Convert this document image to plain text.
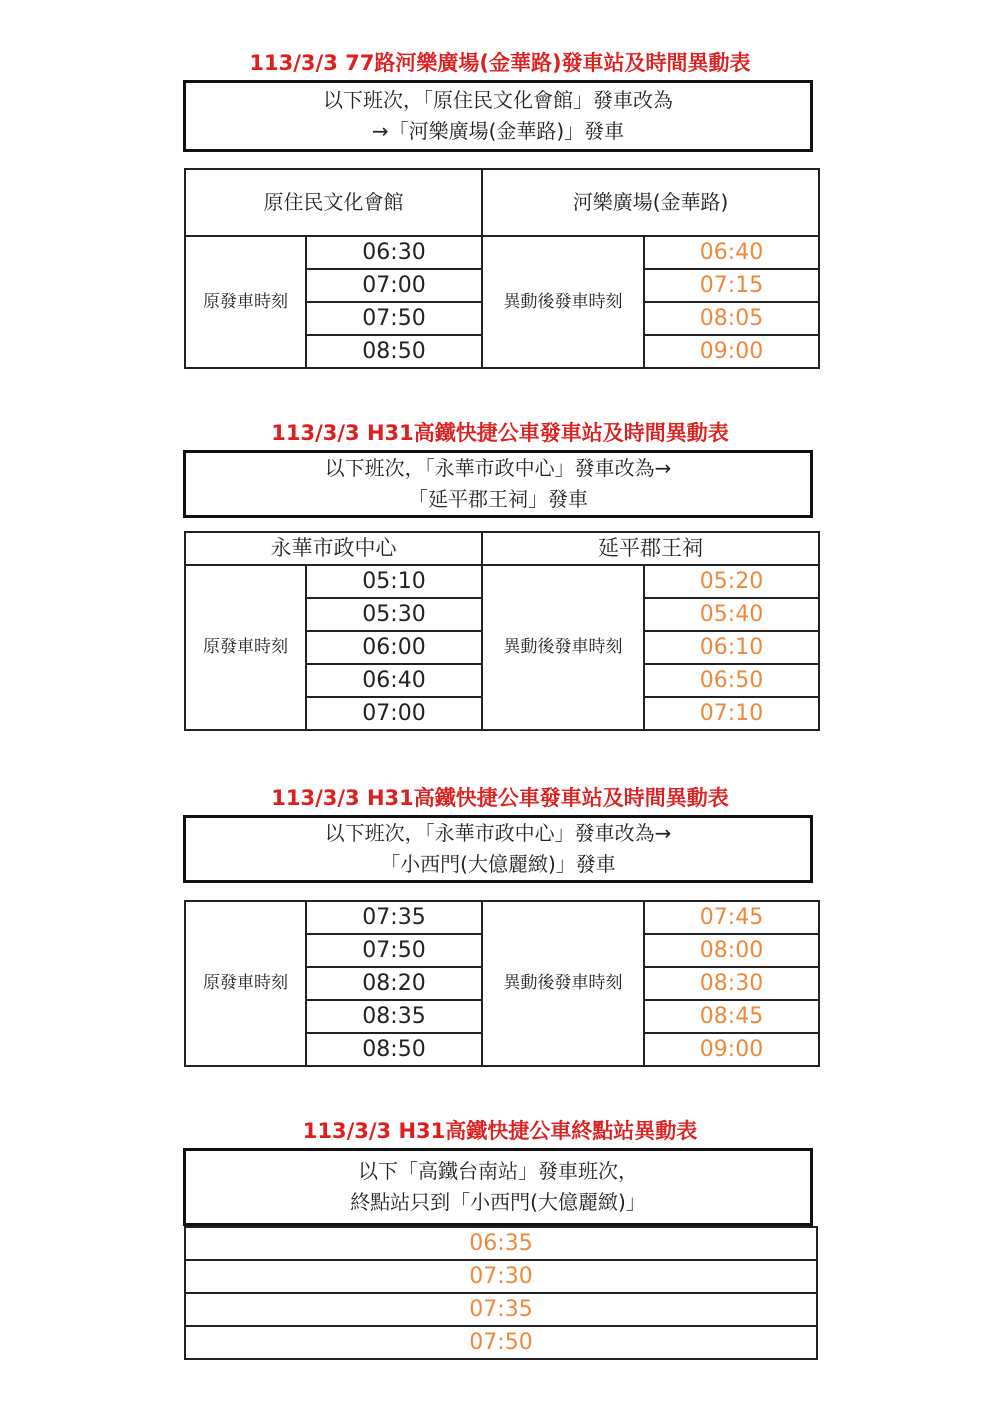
113/3/3 77路河樂廣場(金華路)發車站及時間異動表
以下班次，「原住民文化會館」發車改為
→「河樂廣場(金華路)」發車
原住民文化會館		河樂廣場(金華路)	
原發車時刻	06:30	異動後發車時刻	06:40
	07:00		07:15
	07:50		08:05
	08:50		09:00
113/3/3 H31高鐵快捷公車發車站及時間異動表
以下班次，「永華市政中心」發車改為→
「延平郡王祠」發車
永華市政中心		延平郡王祠	
原發車時刻	05:10	異動後發車時刻	05:20
	05:30		05:40
	06:00		06:10
	06:40		06:50
	07:00		07:10
113/3/3 H31高鐵快捷公車發車站及時間異動表
以下班次，「永華市政中心」發車改為→
「小西門(大億麗緻)」發車
原發車時刻	07:35	異動後發車時刻	07:45
	07:50		08:00
	08:20		08:30
	08:35		08:45
	08:50		09:00
113/3/3 H31高鐵快捷公車終點站異動表
以下「高鐵台南站」發車班次，
終點站只到「小西門(大億麗緻)」
06:35
07:30
07:35
07:50
